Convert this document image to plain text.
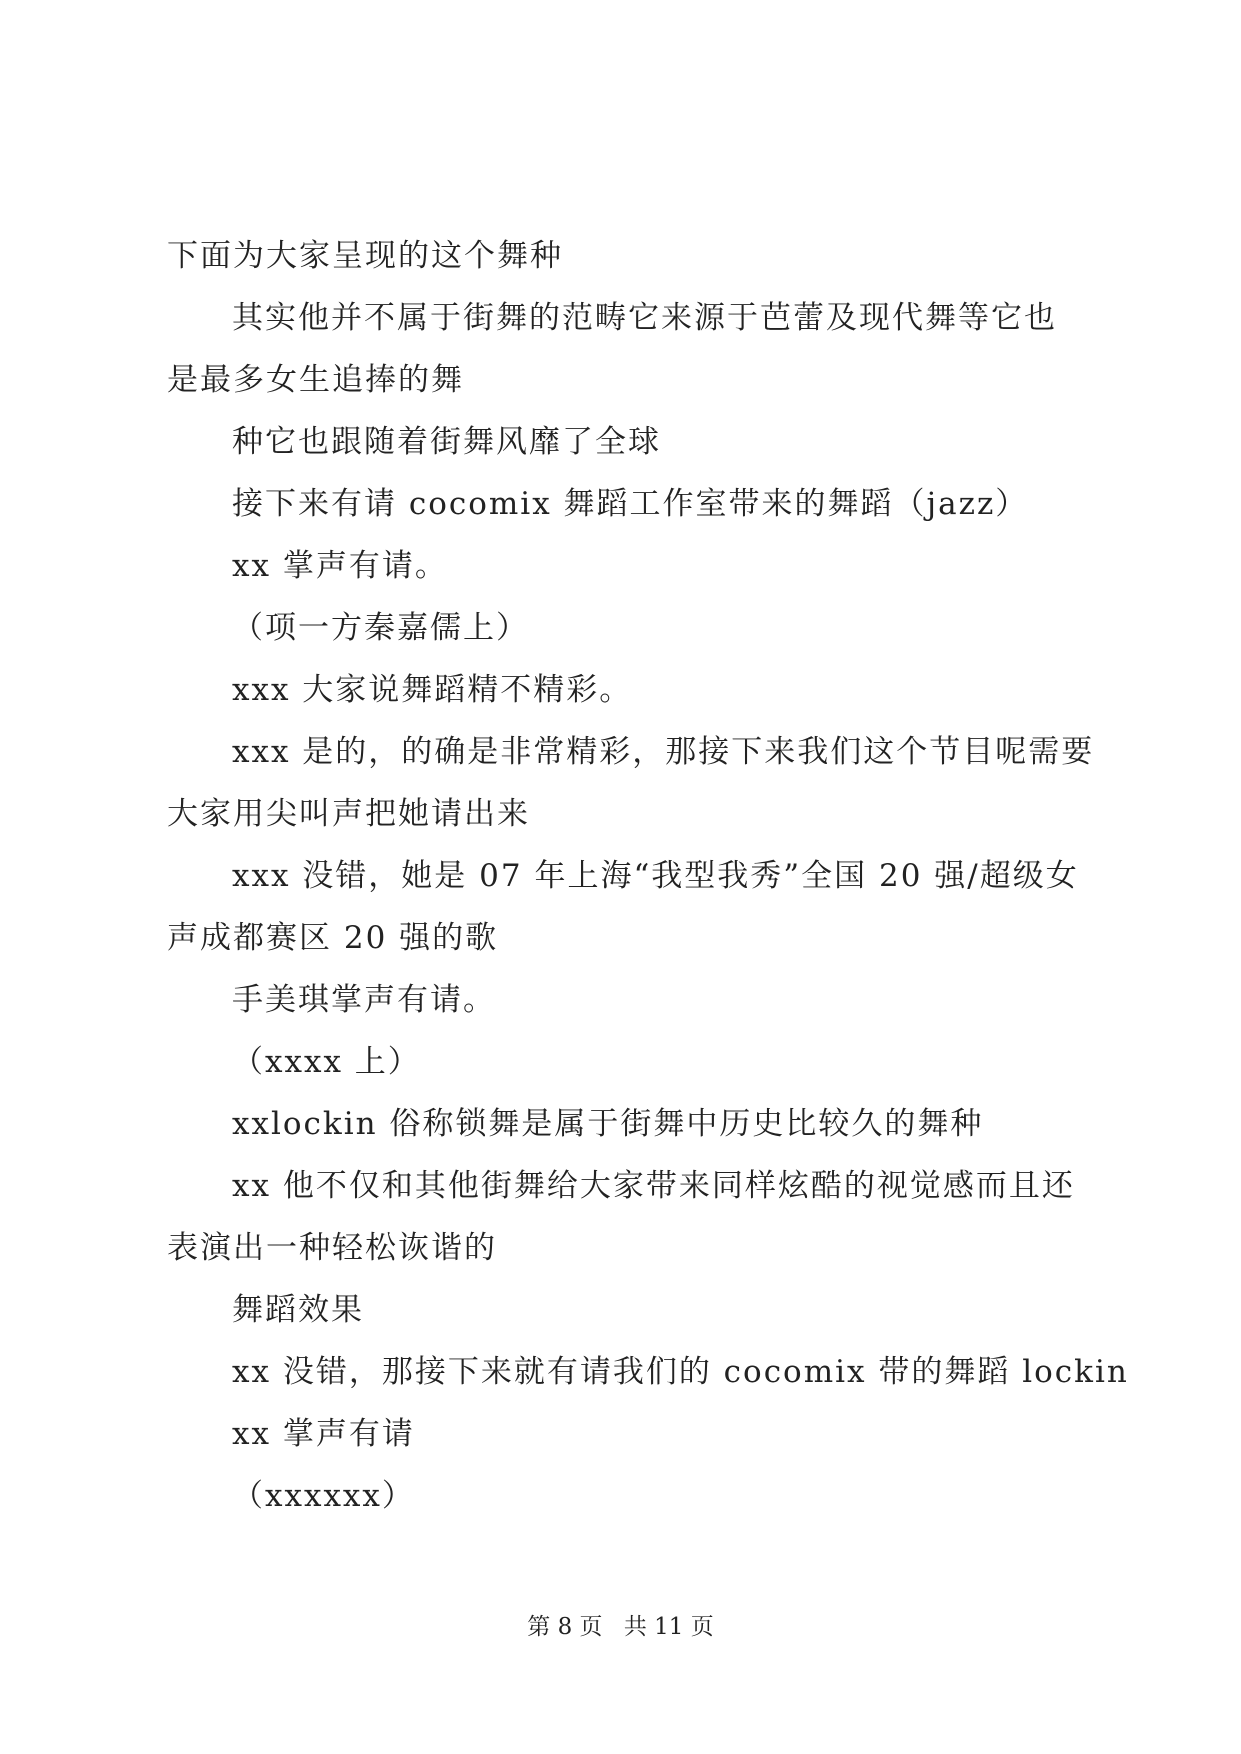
下面为大家呈现的这个舞种
其实他并不属于街舞的范畴它来源于芭蕾及现代舞等它也
是最多女生追捧的舞
种它也跟随着街舞风靡了全球
接下来有请 cocomix 舞蹈工作室带来的舞蹈（jazz）
xx 掌声有请。
（项一方秦嘉儒上）
xxx 大家说舞蹈精不精彩。
xxx 是的，的确是非常精彩，那接下来我们这个节目呢需要
大家用尖叫声把她请出来
xxx 没错，她是 07 年上海“我型我秀”全国 20 强/超级女
声成都赛区 20 强的歌
手美琪掌声有请。
（xxxx 上）
xxlockin 俗称锁舞是属于街舞中历史比较久的舞种
xx 他不仅和其他街舞给大家带来同样炫酷的视觉感而且还
表演出一种轻松诙谐的
舞蹈效果
xx 没错，那接下来就有请我们的 cocomix 带的舞蹈 lockin
xx 掌声有请
（xxxxxx）
第 8 页 共 11 页
